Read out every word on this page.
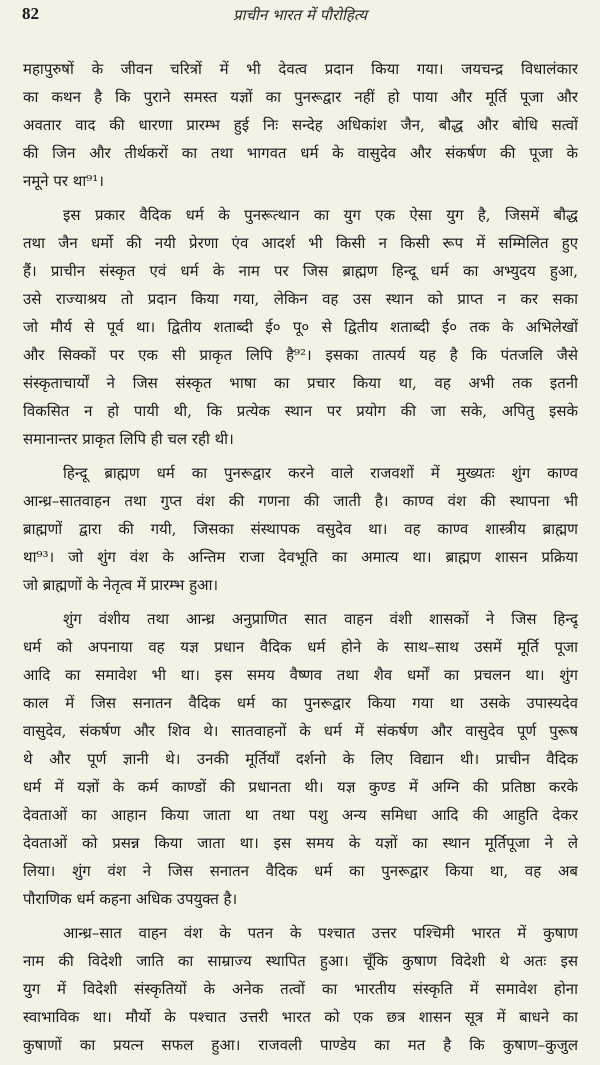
82	प्राचीन भारत में पौरोहित्य
महापुरुषों के जीवन चरित्रों में भी देवत्व प्रदान किया गया। जयचन्द्र विधालंकार
का कथन है कि पुराने समस्त यज्ञों का पुनरूद्वार नहीं हो पाया और मूर्ति पूजा और
अवतार वाद की धारणा प्रारम्भ हुई निः सन्देह अधिकांश जैन, बौद्ध और बोधि सत्वों
की जिन और तीर्थकरों का तथा भागवत धर्म के वासुदेव और संकर्षण की पूजा के
नमूने पर था⁹¹।
इस प्रकार वैदिक धर्म के पुनरूत्थान का युग एक ऐसा युग है, जिसमें बौद्ध
तथा जैन धर्मो की नयी प्रेरणा एंव आदर्श भी किसी न किसी रूप में सम्मिलित हुए
हैं। प्राचीन संस्कृत एवं धर्म के नाम पर जिस ब्राह्मण हिन्दू धर्म का अभ्युदय हुआ,
उसे राज्याश्रय तो प्रदान किया गया, लेकिन वह उस स्थान को प्राप्त न कर सका
जो मौर्य से पूर्व था। द्वितीय शताब्दी ई० पू० से द्वितीय शताब्दी ई० तक के अभिलेखों
और सिक्कों पर एक सी प्राकृत लिपि है⁹²। इसका तात्पर्य यह है कि पंतजलि जैसे
संस्कृताचार्यों ने जिस संस्कृत भाषा का प्रचार किया था, वह अभी तक इतनी
विकसित न हो पायी थी, कि प्रत्येक स्थान पर प्रयोग की जा सके, अपितु इसके
समानान्तर प्राकृत लिपि ही चल रही थी।
हिन्दू ब्राह्मण धर्म का पुनरूद्वार करने वाले राजवशों में मुख्यतः शुंग काण्व
आन्ध्र–सातवाहन तथा गुप्त वंश की गणना की जाती है। काण्व वंश की स्थापना भी
ब्राह्मणों द्वारा की गयी, जिसका संस्थापक वसुदेव था। वह काण्व शास्त्रीय ब्राह्मण
था⁹³। जो शुंग वंश के अन्तिम राजा देवभूति का अमात्य था। ब्राह्मण शासन प्रक्रिया
जो ब्राह्मणों के नेतृत्व में प्रारम्भ हुआ।
शुंग वंशीय तथा आन्ध्र अनुप्राणित सात वाहन वंशी शासकों ने जिस हिन्दू
धर्म को अपनाया वह यज्ञ प्रधान वैदिक धर्म होने के साथ–साथ उसमें मूर्ति पूजा
आदि का समावेश भी था। इस समय वैष्णव तथा शैव धर्मों का प्रचलन था। शुंग
काल में जिस सनातन वैदिक धर्म का पुनरूद्वार किया गया था उसके उपास्यदेव
वासुदेव, संकर्षण और शिव थे। सातवाहनों के धर्म में संकर्षण और वासुदेव पूर्ण पुरूष
थे और पूर्ण ज्ञानी थे। उनकी मूर्तियाँ दर्शनो के लिए विद्यान थी। प्राचीन वैदिक
धर्म में यज्ञों के कर्म काण्डों की प्रधानता थी। यज्ञ कुण्ड में अग्नि की प्रतिष्ठा करके
देवताओं का आहान किया जाता था तथा पशु अन्य समिधा आदि की आहुति देकर
देवताओं को प्रसन्न किया जाता था। इस समय के यज्ञों का स्थान मूर्तिपूजा ने ले
लिया। शुंग वंश ने जिस सनातन वैदिक धर्म का पुनरूद्वार किया था, वह अब
पौराणिक धर्म कहना अधिक उपयुक्त है।
आन्ध्र–सात वाहन वंश के पतन के पश्चात उत्तर पश्चिमी भारत में कुषाण
नाम की विदेशी जाति का साम्राज्य स्थापित हुआ। चूँकि कुषाण विदेशी थे अतः इस
युग में विदेशी संस्कृतियों के अनेक तत्वों का भारतीय संस्कृति में समावेश होना
स्वाभाविक था। मौर्यो के पश्चात उत्तरी भारत को एक छत्र शासन सूत्र में बाधने का
कुषाणों का प्रयत्न सफल हुआ। राजवली पाण्डेय का मत है कि कुषाण–कुजुल
